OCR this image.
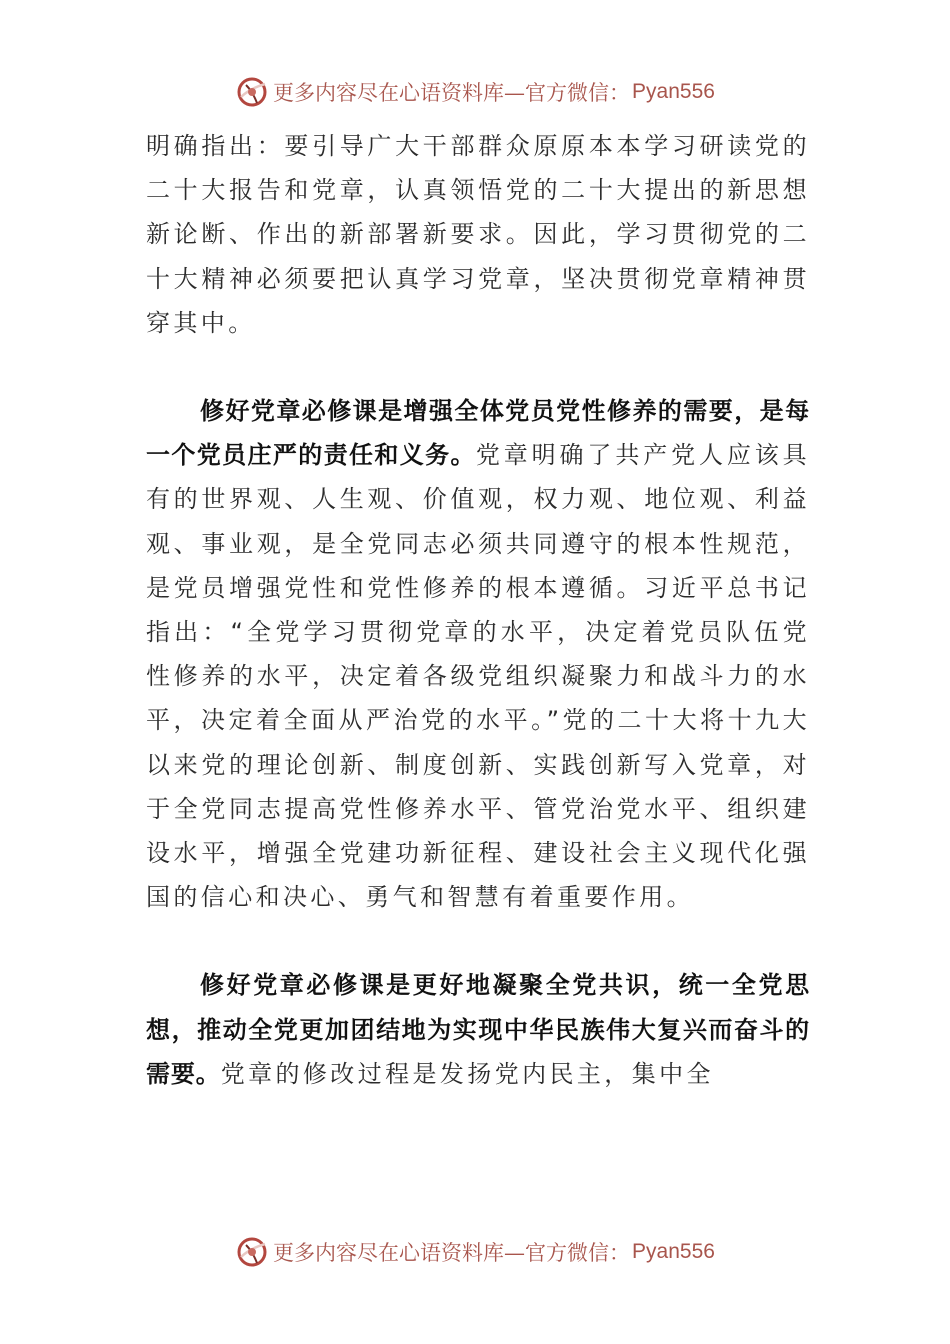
更多内容尽在心语资料库—官方微信： Pyan556

明确指出：要引导广大干部群众原原本本学习研读党的二十大报告和党章，认真领悟党的二十大提出的新思想新论断、作出的新部署新要求。因此，学习贯彻党的二十大精神必须要把认真学习党章，坚决贯彻党章精神贯穿其中。

修好党章必修课是增强全体党员党性修养的需要，是每一个党员庄严的责任和义务。党章明确了共产党人应该具有的世界观、人生观、价值观，权力观、地位观、利益观、事业观，是全党同志必须共同遵守的根本性规范，是党员增强党性和党性修养的根本遵循。习近平总书记指出：“全党学习贯彻党章的水平，决定着党员队伍党性修养的水平，决定着各级党组织凝聚力和战斗力的水平，决定着全面从严治党的水平。”党的二十大将十九大以来党的理论创新、制度创新、实践创新写入党章，对于全党同志提高党性修养水平、管党治党水平、组织建设水平，增强全党建功新征程、建设社会主义现代化强国的信心和决心、勇气和智慧有着重要作用。

修好党章必修课是更好地凝聚全党共识，统一全党思想，推动全党更加团结地为实现中华民族伟大复兴而奋斗的需要。党章的修改过程是发扬党内民主，集中全

更多内容尽在心语资料库—官方微信： Pyan556
